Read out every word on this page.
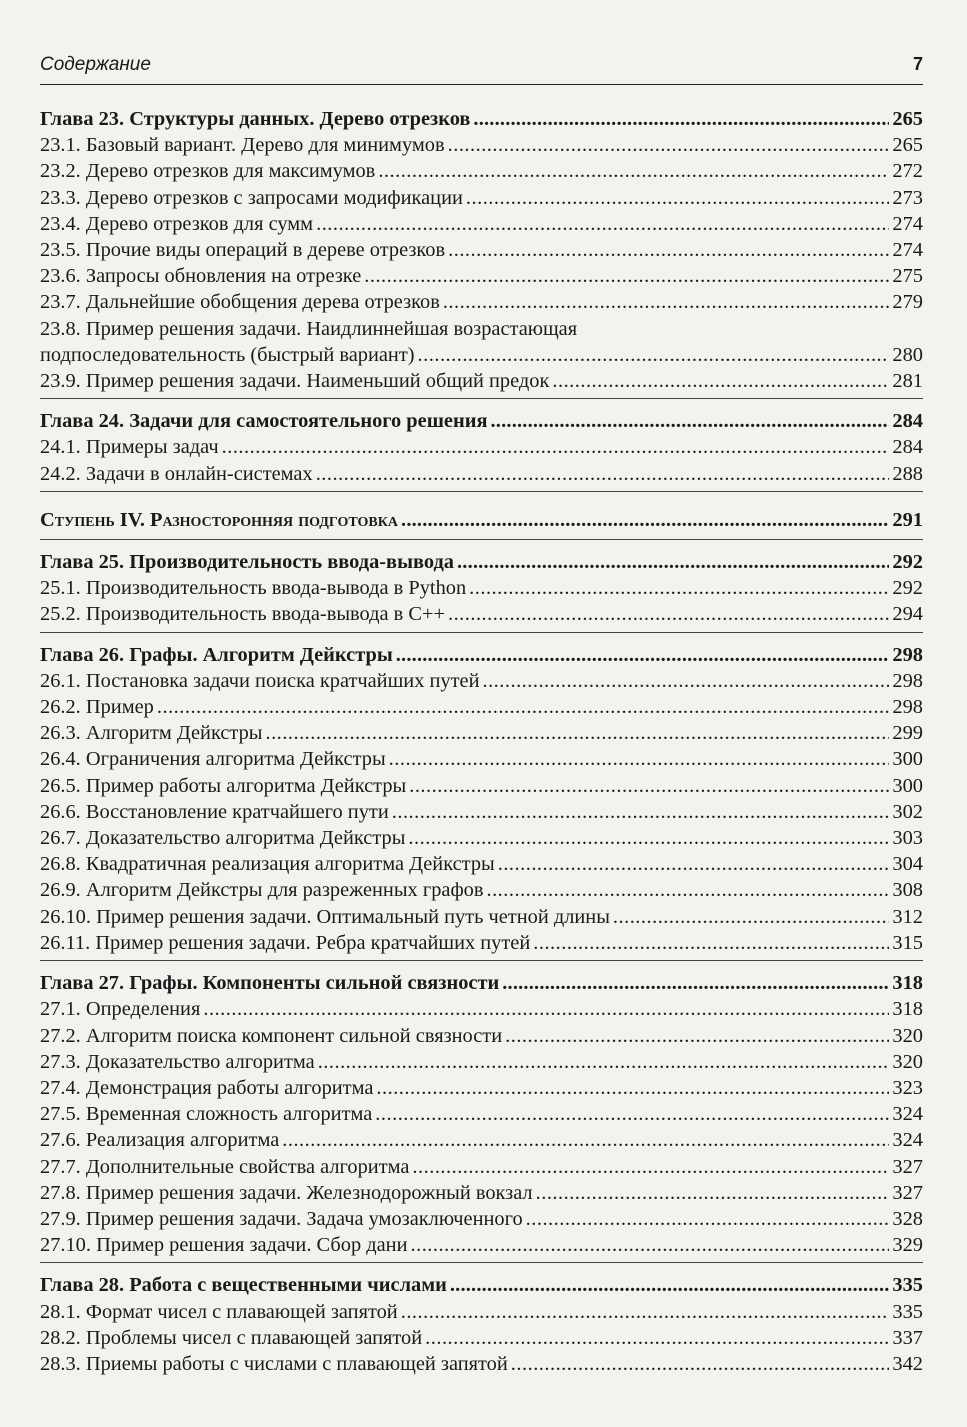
Содержание	7
Глава 23. Структуры данных. Дерево отрезков .....	265
23.1. Базовый вариант. Дерево для минимумов .....	265
23.2. Дерево отрезков для максимумов .....	272
23.3. Дерево отрезков с запросами модификации .....	273
23.4. Дерево отрезков для сумм .....	274
23.5. Прочие виды операций в дереве отрезков .....	274
23.6. Запросы обновления на отрезке .....	275
23.7. Дальнейшие обобщения дерева отрезков .....	279
23.8. Пример решения задачи. Наидлиннейшая возрастающая
подпоследовательность (быстрый вариант) .....	280
23.9. Пример решения задачи. Наименьший общий предок .....	281
Глава 24. Задачи для самостоятельного решения .....	284
24.1. Примеры задач .....	284
24.2. Задачи в онлайн-системах .....	288
Ступень IV. Разносторонняя подготовка .....	291
Глава 25. Производительность ввода-вывода .....	292
25.1. Производительность ввода-вывода в Python .....	292
25.2. Производительность ввода-вывода в C++ .....	294
Глава 26. Графы. Алгоритм Дейкстры .....	298
26.1. Постановка задачи поиска кратчайших путей .....	298
26.2. Пример .....	298
26.3. Алгоритм Дейкстры .....	299
26.4. Ограничения алгоритма Дейкстры .....	300
26.5. Пример работы алгоритма Дейкстры .....	300
26.6. Восстановление кратчайшего пути .....	302
26.7. Доказательство алгоритма Дейкстры .....	303
26.8. Квадратичная реализация алгоритма Дейкстры .....	304
26.9. Алгоритм Дейкстры для разреженных графов .....	308
26.10. Пример решения задачи. Оптимальный путь четной длины .....	312
26.11. Пример решения задачи. Ребра кратчайших путей .....	315
Глава 27. Графы. Компоненты сильной связности .....	318
27.1. Определения .....	318
27.2. Алгоритм поиска компонент сильной связности .....	320
27.3. Доказательство алгоритма .....	320
27.4. Демонстрация работы алгоритма .....	323
27.5. Временная сложность алгоритма .....	324
27.6. Реализация алгоритма .....	324
27.7. Дополнительные свойства алгоритма .....	327
27.8. Пример решения задачи. Железнодорожный вокзал .....	327
27.9. Пример решения задачи. Задача умозаключенного .....	328
27.10. Пример решения задачи. Сбор дани .....	329
Глава 28. Работа с вещественными числами .....	335
28.1. Формат чисел с плавающей запятой .....	335
28.2. Проблемы чисел с плавающей запятой .....	337
28.3. Приемы работы с числами с плавающей запятой .....	342
